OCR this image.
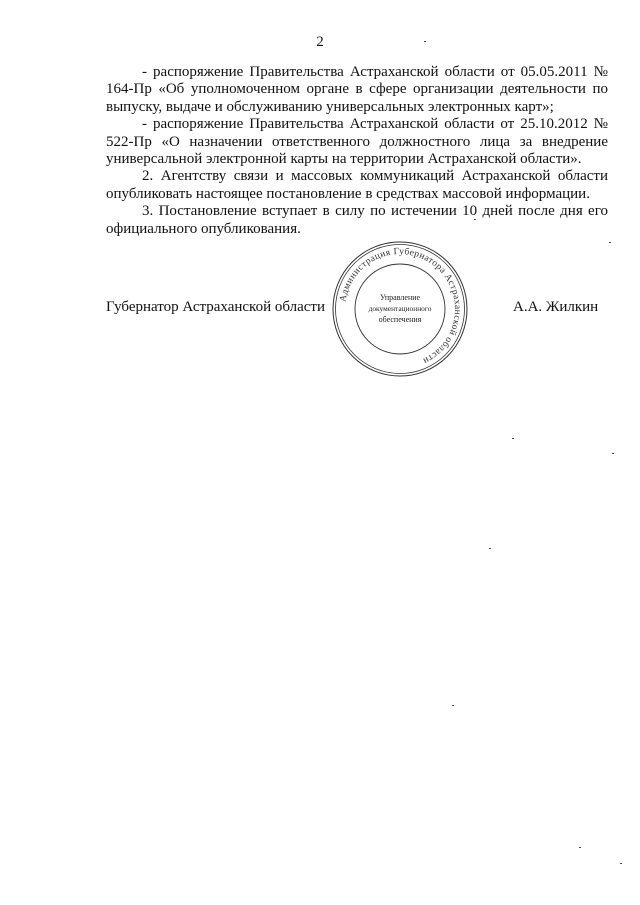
2

- распоряжение Правительства Астраханской области от 05.05.2011 № 164-Пр «Об уполномоченном органе в сфере организации деятельности по выпуску, выдаче и обслуживанию универсальных электронных карт»;

- распоряжение Правительства Астраханской области от 25.10.2012 № 522-Пр «О назначении ответственного должностного лица за внедрение универсальной электронной карты на территории Астраханской области».

2. Агентству связи и массовых коммуникаций Астраханской области опубликовать настоящее постановление в средствах массовой информации.

3. Постановление вступает в силу по истечении 10 дней после дня его официального опубликования.

Губернатор Астраханской области
Администрация Губернатора Астраханской области
Управление
документационного
обеспечения
А.А. Жилкин
